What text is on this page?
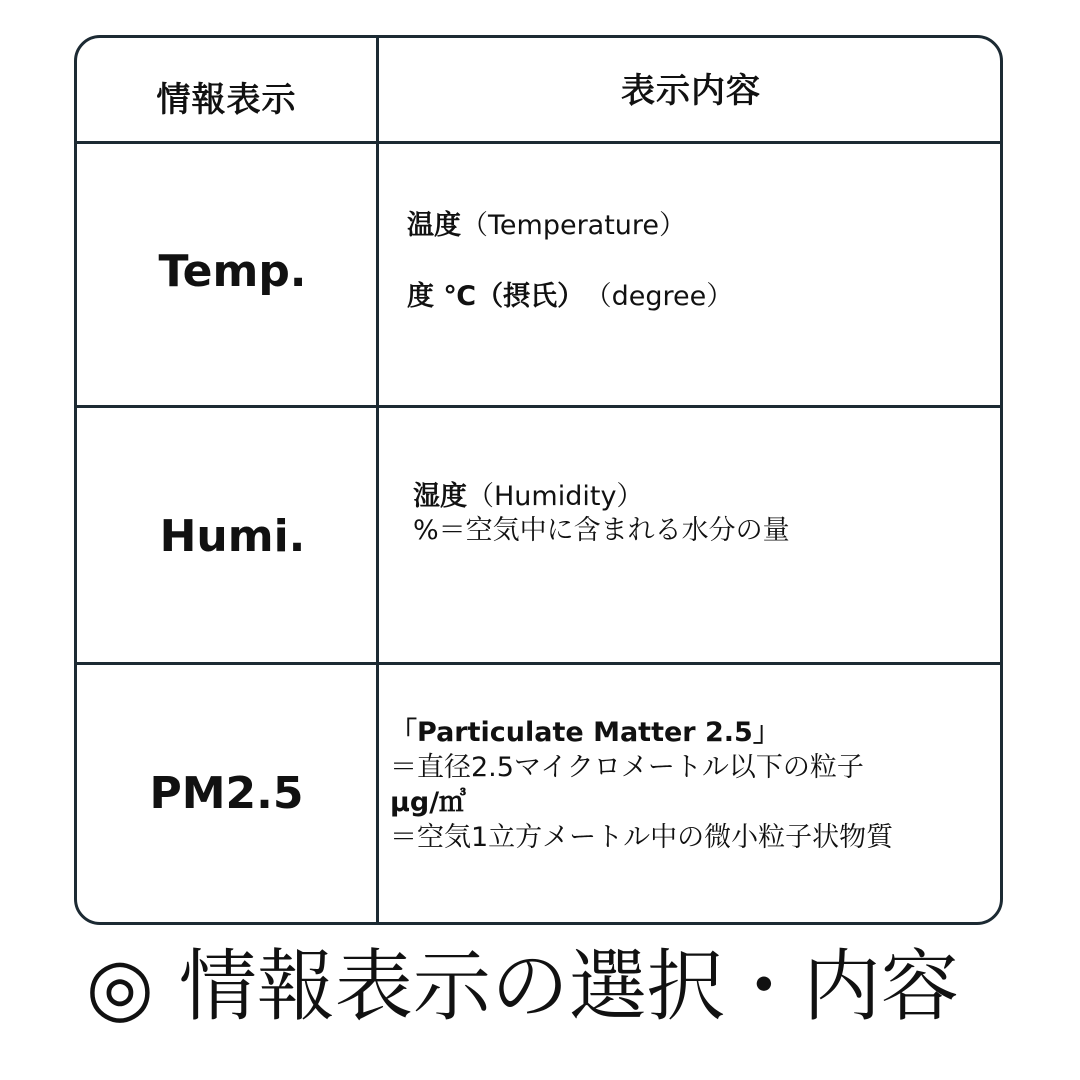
情報表示	表示内容
Temp.
温度（Temperature）
度 ℃（摂氏） （degree）
Humi.
湿度（Humidity）
%＝空気中に含まれる水分の量
PM2.5
「Particulate Matter 2.5」
＝直径2.5マイクロメートル以下の粒子
µg/㎥
＝空気1立方メートル中の微小粒子状物質
◎ 情報表示の選択・内容
